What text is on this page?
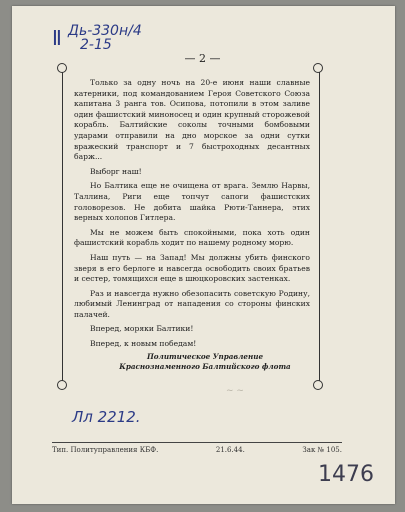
Ⅱ Дь-330н/4
2-15
— 2 —

Только за одну ночь на 20-е июня наши славные катерники, под командованием Героя Советского Союза капитана 3 ранга тов. Осипова, потопили в этом заливе один фашистский миноносец и один крупный сторожевой корабль. Балтийские соколы точными бомбовыми ударами отправили на дно морское за одни сутки вражеский транспорт и 7 быстроходных десантных барж...

Выборг наш!

Но Балтика еще не очищена от врага. Землю Нарвы, Таллина, Риги еще топчут сапоги фашистских головорезов. Не добита шайка Рюти-Таннера, этих верных холопов Гитлера.

Мы не можем быть спокойными, пока хоть один фашистский корабль ходит по нашему родному морю.

Наш путь — на Запад! Мы должны убить финского зверя в его берлоге и навсегда освободить своих братьев и сестер, томящихся еще в шюцкоровских застенках.

Раз и навсегда нужно обезопасить советскую Родину, любимый Ленинград от нападения со стороны финских палачей.

Вперед, моряки Балтики!

Вперед, к новым победам!

Политическое Управление
Краснознаменного Балтийского флота
~ ~
Лл 2212.
Тип. Политуправления КБФ.	21.6.44.	Зак № 105.
1476
